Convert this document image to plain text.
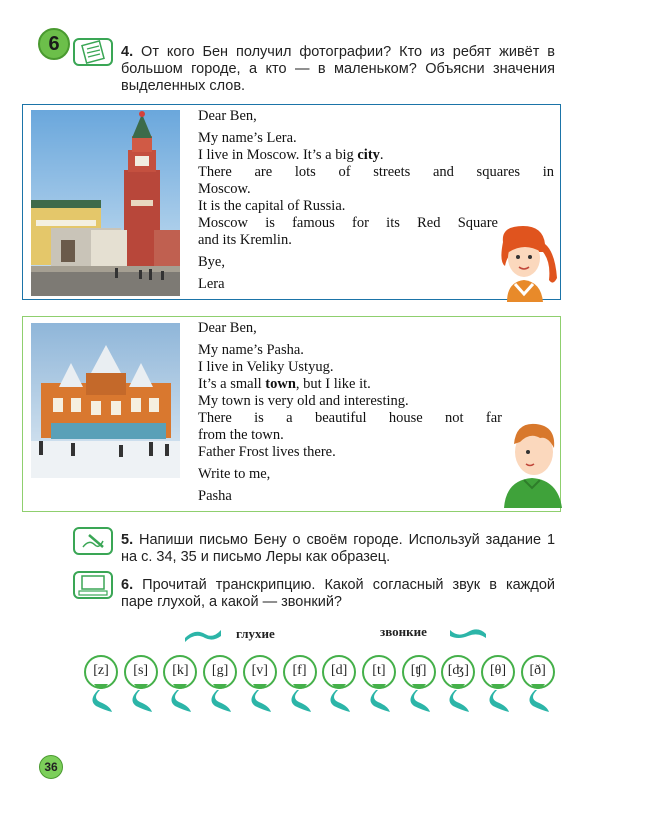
6	4. От кого Бен получил фотографии? Кто из ребят живёт в большом городе, а кто — в маленьком? Объясни значения выделенных слов.
Dear Ben,
My name’s Lera.
I live in Moscow. It’s a big city.
There are lots of streets and squares in
Moscow.
It is the capital of Russia.
Moscow is famous for its Red Square
and its Kremlin.
Bye,
Lera
Dear Ben,
My name’s Pasha.
I live in Veliky Ustyug.
It’s a small town, but I like it.
My town is very old and interesting.
There is a beautiful house not far
from the town.
Father Frost lives there.
Write to me,
Pasha
5. Напиши письмо Бену о своём городе. Используй задание 1 на с. 34, 35 и письмо Леры как образец.
6. Прочитай транскрипцию. Какой согласный звук в каждой паре глухой, а какой — звонкий?
глухие	звонкие
[z]	[s]	[k]	[g]	[v]	[f]	[d]	[t]	[ʧ]	[ʤ]	[θ]	[ð]
36
